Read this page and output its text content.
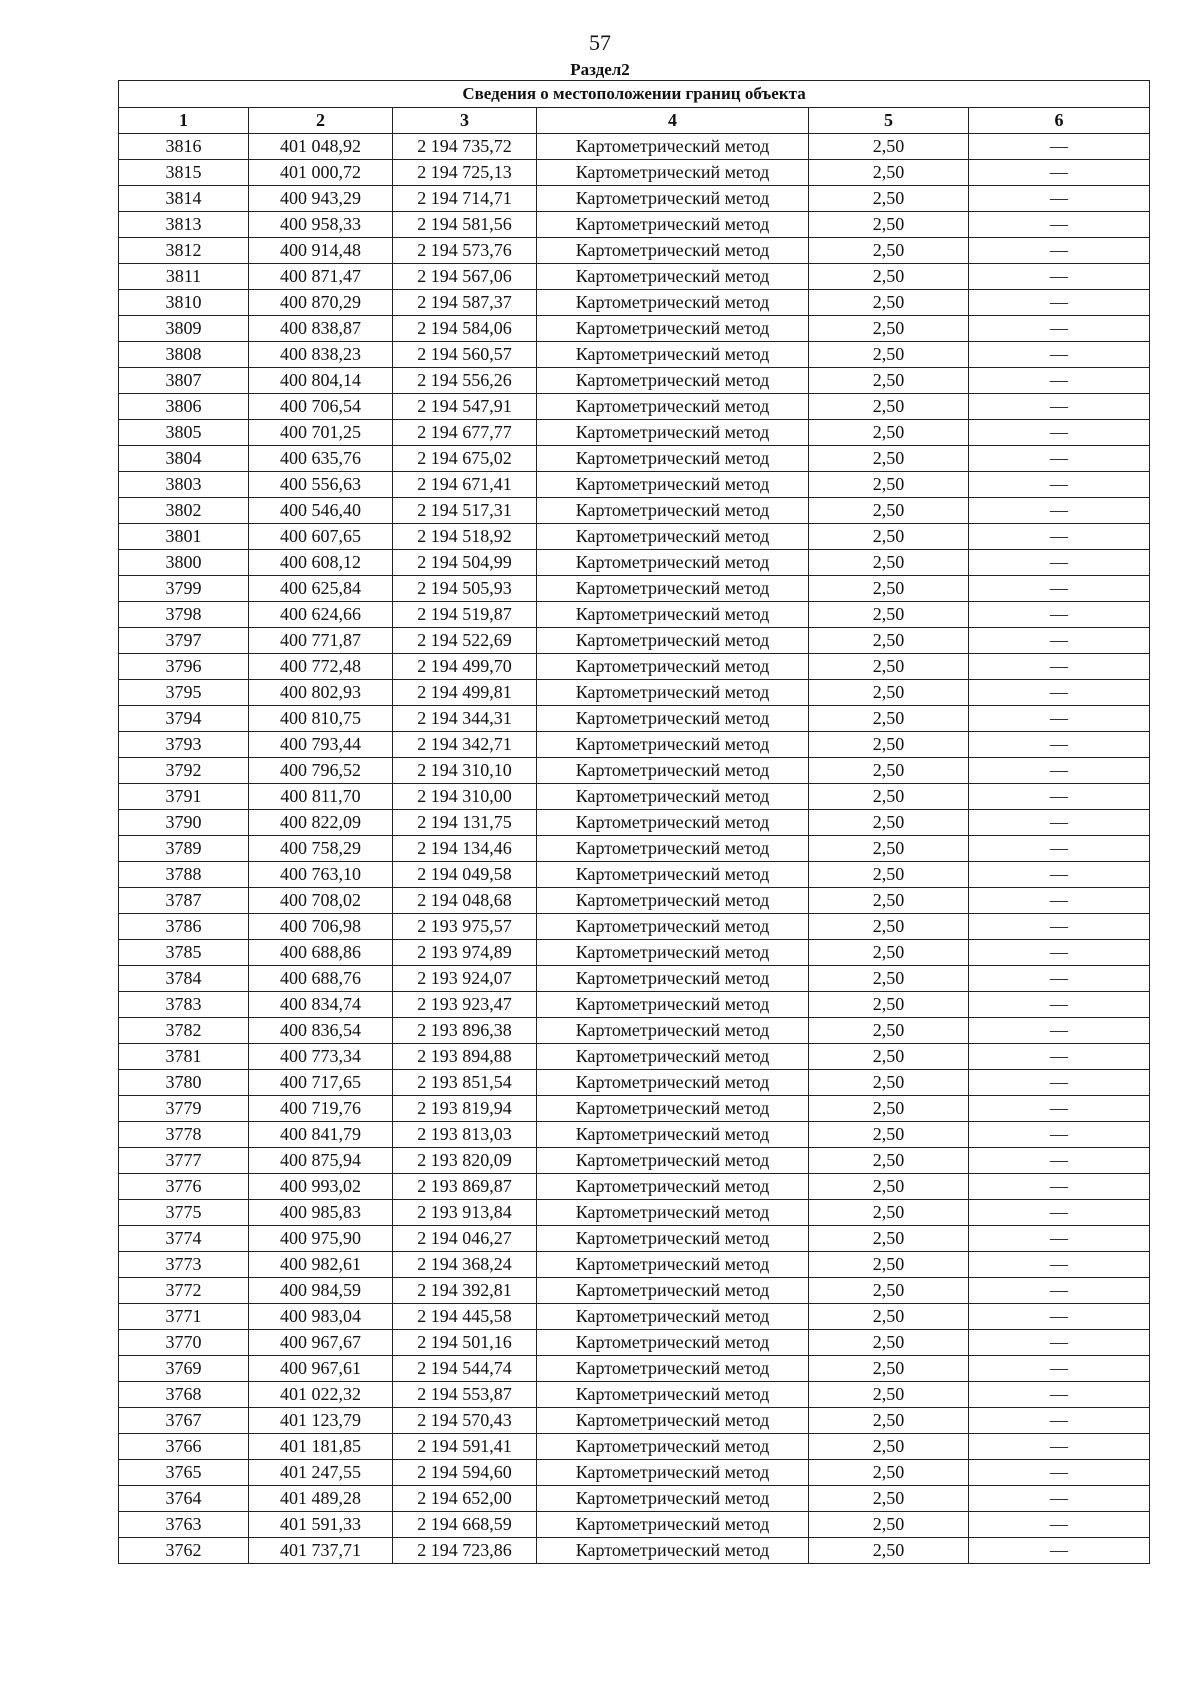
57
Раздел2
Сведения о местоположении границ объекта					
1	2	3	4	5	6
3816	401 048,92	2 194 735,72	Картометрический метод	2,50	—
3815	401 000,72	2 194 725,13	Картометрический метод	2,50	—
3814	400 943,29	2 194 714,71	Картометрический метод	2,50	—
3813	400 958,33	2 194 581,56	Картометрический метод	2,50	—
3812	400 914,48	2 194 573,76	Картометрический метод	2,50	—
3811	400 871,47	2 194 567,06	Картометрический метод	2,50	—
3810	400 870,29	2 194 587,37	Картометрический метод	2,50	—
3809	400 838,87	2 194 584,06	Картометрический метод	2,50	—
3808	400 838,23	2 194 560,57	Картометрический метод	2,50	—
3807	400 804,14	2 194 556,26	Картометрический метод	2,50	—
3806	400 706,54	2 194 547,91	Картометрический метод	2,50	—
3805	400 701,25	2 194 677,77	Картометрический метод	2,50	—
3804	400 635,76	2 194 675,02	Картометрический метод	2,50	—
3803	400 556,63	2 194 671,41	Картометрический метод	2,50	—
3802	400 546,40	2 194 517,31	Картометрический метод	2,50	—
3801	400 607,65	2 194 518,92	Картометрический метод	2,50	—
3800	400 608,12	2 194 504,99	Картометрический метод	2,50	—
3799	400 625,84	2 194 505,93	Картометрический метод	2,50	—
3798	400 624,66	2 194 519,87	Картометрический метод	2,50	—
3797	400 771,87	2 194 522,69	Картометрический метод	2,50	—
3796	400 772,48	2 194 499,70	Картометрический метод	2,50	—
3795	400 802,93	2 194 499,81	Картометрический метод	2,50	—
3794	400 810,75	2 194 344,31	Картометрический метод	2,50	—
3793	400 793,44	2 194 342,71	Картометрический метод	2,50	—
3792	400 796,52	2 194 310,10	Картометрический метод	2,50	—
3791	400 811,70	2 194 310,00	Картометрический метод	2,50	—
3790	400 822,09	2 194 131,75	Картометрический метод	2,50	—
3789	400 758,29	2 194 134,46	Картометрический метод	2,50	—
3788	400 763,10	2 194 049,58	Картометрический метод	2,50	—
3787	400 708,02	2 194 048,68	Картометрический метод	2,50	—
3786	400 706,98	2 193 975,57	Картометрический метод	2,50	—
3785	400 688,86	2 193 974,89	Картометрический метод	2,50	—
3784	400 688,76	2 193 924,07	Картометрический метод	2,50	—
3783	400 834,74	2 193 923,47	Картометрический метод	2,50	—
3782	400 836,54	2 193 896,38	Картометрический метод	2,50	—
3781	400 773,34	2 193 894,88	Картометрический метод	2,50	—
3780	400 717,65	2 193 851,54	Картометрический метод	2,50	—
3779	400 719,76	2 193 819,94	Картометрический метод	2,50	—
3778	400 841,79	2 193 813,03	Картометрический метод	2,50	—
3777	400 875,94	2 193 820,09	Картометрический метод	2,50	—
3776	400 993,02	2 193 869,87	Картометрический метод	2,50	—
3775	400 985,83	2 193 913,84	Картометрический метод	2,50	—
3774	400 975,90	2 194 046,27	Картометрический метод	2,50	—
3773	400 982,61	2 194 368,24	Картометрический метод	2,50	—
3772	400 984,59	2 194 392,81	Картометрический метод	2,50	—
3771	400 983,04	2 194 445,58	Картометрический метод	2,50	—
3770	400 967,67	2 194 501,16	Картометрический метод	2,50	—
3769	400 967,61	2 194 544,74	Картометрический метод	2,50	—
3768	401 022,32	2 194 553,87	Картометрический метод	2,50	—
3767	401 123,79	2 194 570,43	Картометрический метод	2,50	—
3766	401 181,85	2 194 591,41	Картометрический метод	2,50	—
3765	401 247,55	2 194 594,60	Картометрический метод	2,50	—
3764	401 489,28	2 194 652,00	Картометрический метод	2,50	—
3763	401 591,33	2 194 668,59	Картометрический метод	2,50	—
3762	401 737,71	2 194 723,86	Картометрический метод	2,50	—
